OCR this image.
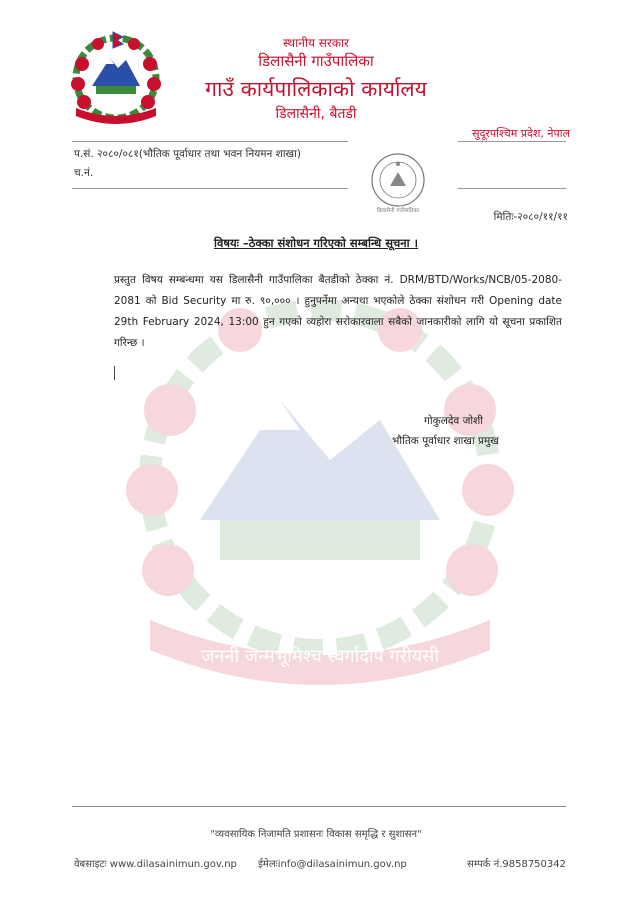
जननी जन्मभूमिश्च स्वर्गादपि गरीयसी
स्थानीय सरकार
डिलासैनी गाउँपालिका
गाउँ कार्यपालिकाको कार्यालय
डिलासैनी, बैतडी
सुदूरपश्चिम प्रदेश, नेपाल
प.सं. २०८०/०८१(भौतिक पूर्वाधार तथा भवन नियमन शाखा)
च.नं.
डिलासैनी गाउँपालिका	मितिः-२०८०/११/११
विषयः –ठेक्का संशोधन गरिएको सम्बन्धि सूचना ।
प्रस्तुत विषय सम्बन्धमा यस डिलासैनी गाउँपालिका बैतडीको ठेक्का नं. DRM/BTD/Works/NCB/05-2080-2081 को Bid Security मा रु. ९०,००० । हुनुपर्नेमा अन्यथा भएकोले ठेक्का संशोधन गरी Opening date 29th February 2024, 13:00 हुन गएको व्यहोरा सरोकारवाला सबैको जानकारीको लागि यो सूचना प्रकाशित गरिन्छ ।
गोकुलदेव जोशी
भौतिक पूर्वाधार शाखा प्रमुख
"व्यवसायिक निजामति प्रशासनः विकास समृद्धि र सुशासन"
वेबसाइटः www.dilasainimun.gov.np ईमेलःinfo@dilasainimun.gov.np	सम्पर्क नं.9858750342
